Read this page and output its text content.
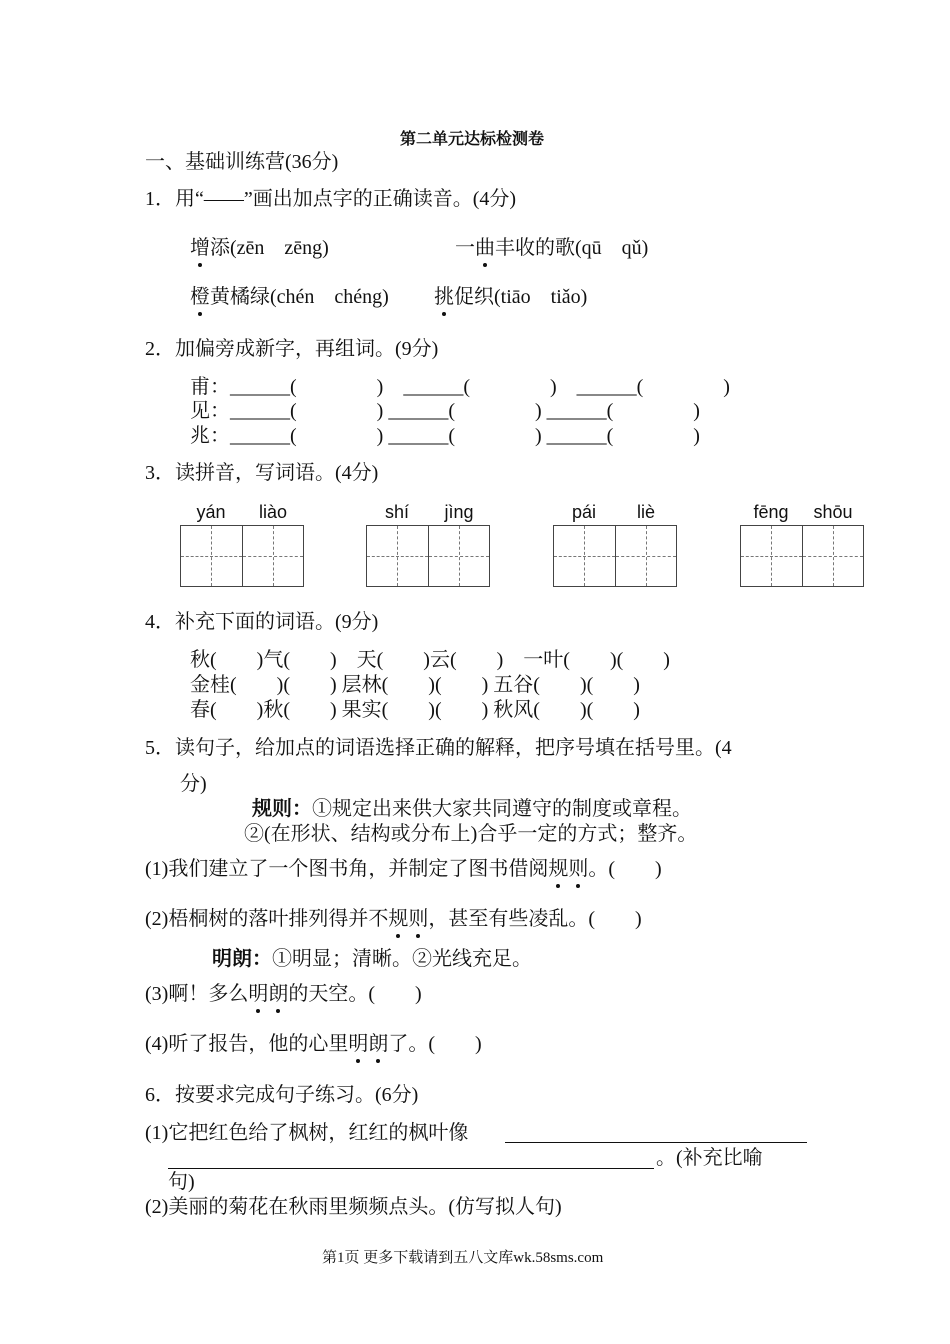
第二单元达标检测卷
一、基础训练营(36分)
1．用“——”画出加点字的正确读音。(4分)
增添(zēn　zēng)	一曲丰收的歌(qū　qǔ)
橙黄橘绿(chén　chéng) 挑促织(tiāo　tiǎo)
2．加偏旁成新字，再组词。(9分)
甫：______(　　　　)　______(　　　　)　______(　　　　)
见：______(　　　　) ______(　　　　) ______(　　　　)
兆：______(　　　　) ______(　　　　) ______(　　　　)
3．读拼音，写词语。(4分)
yán	liào	shí	jìng	pái	liè	fēng	shōu
4．补充下面的词语。(9分)
秋(　　)气(　　)　天(　　)云(　　)　一叶(　　)(　　)
金桂(　　)(　　) 层林(　　)(　　) 五谷(　　)(　　)
春(　　)秋(　　) 果实(　　)(　　) 秋风(　　)(　　)
5．读句子，给加点的词语选择正确的解释，把序号填在括号里。(4
分)
规则：①规定出来供大家共同遵守的制度或章程。
②(在形状、结构或分布上)合乎一定的方式；整齐。
(1)我们建立了一个图书角，并制定了图书借阅规则。(　　)
(2)梧桐树的落叶排列得并不规则，甚至有些凌乱。(　　)
明朗：①明显；清晰。②光线充足。
(3)啊！多么明朗的天空。(　　)
(4)听了报告，他的心里明朗了。(　　)
6．按要求完成句子练习。(6分)
(1)它把红色给了枫树，红红的枫叶像
。(补充比喻
句)
(2)美丽的菊花在秋雨里频频点头。(仿写拟人句)
第1页 更多下载请到五八文库wk.58sms.com
